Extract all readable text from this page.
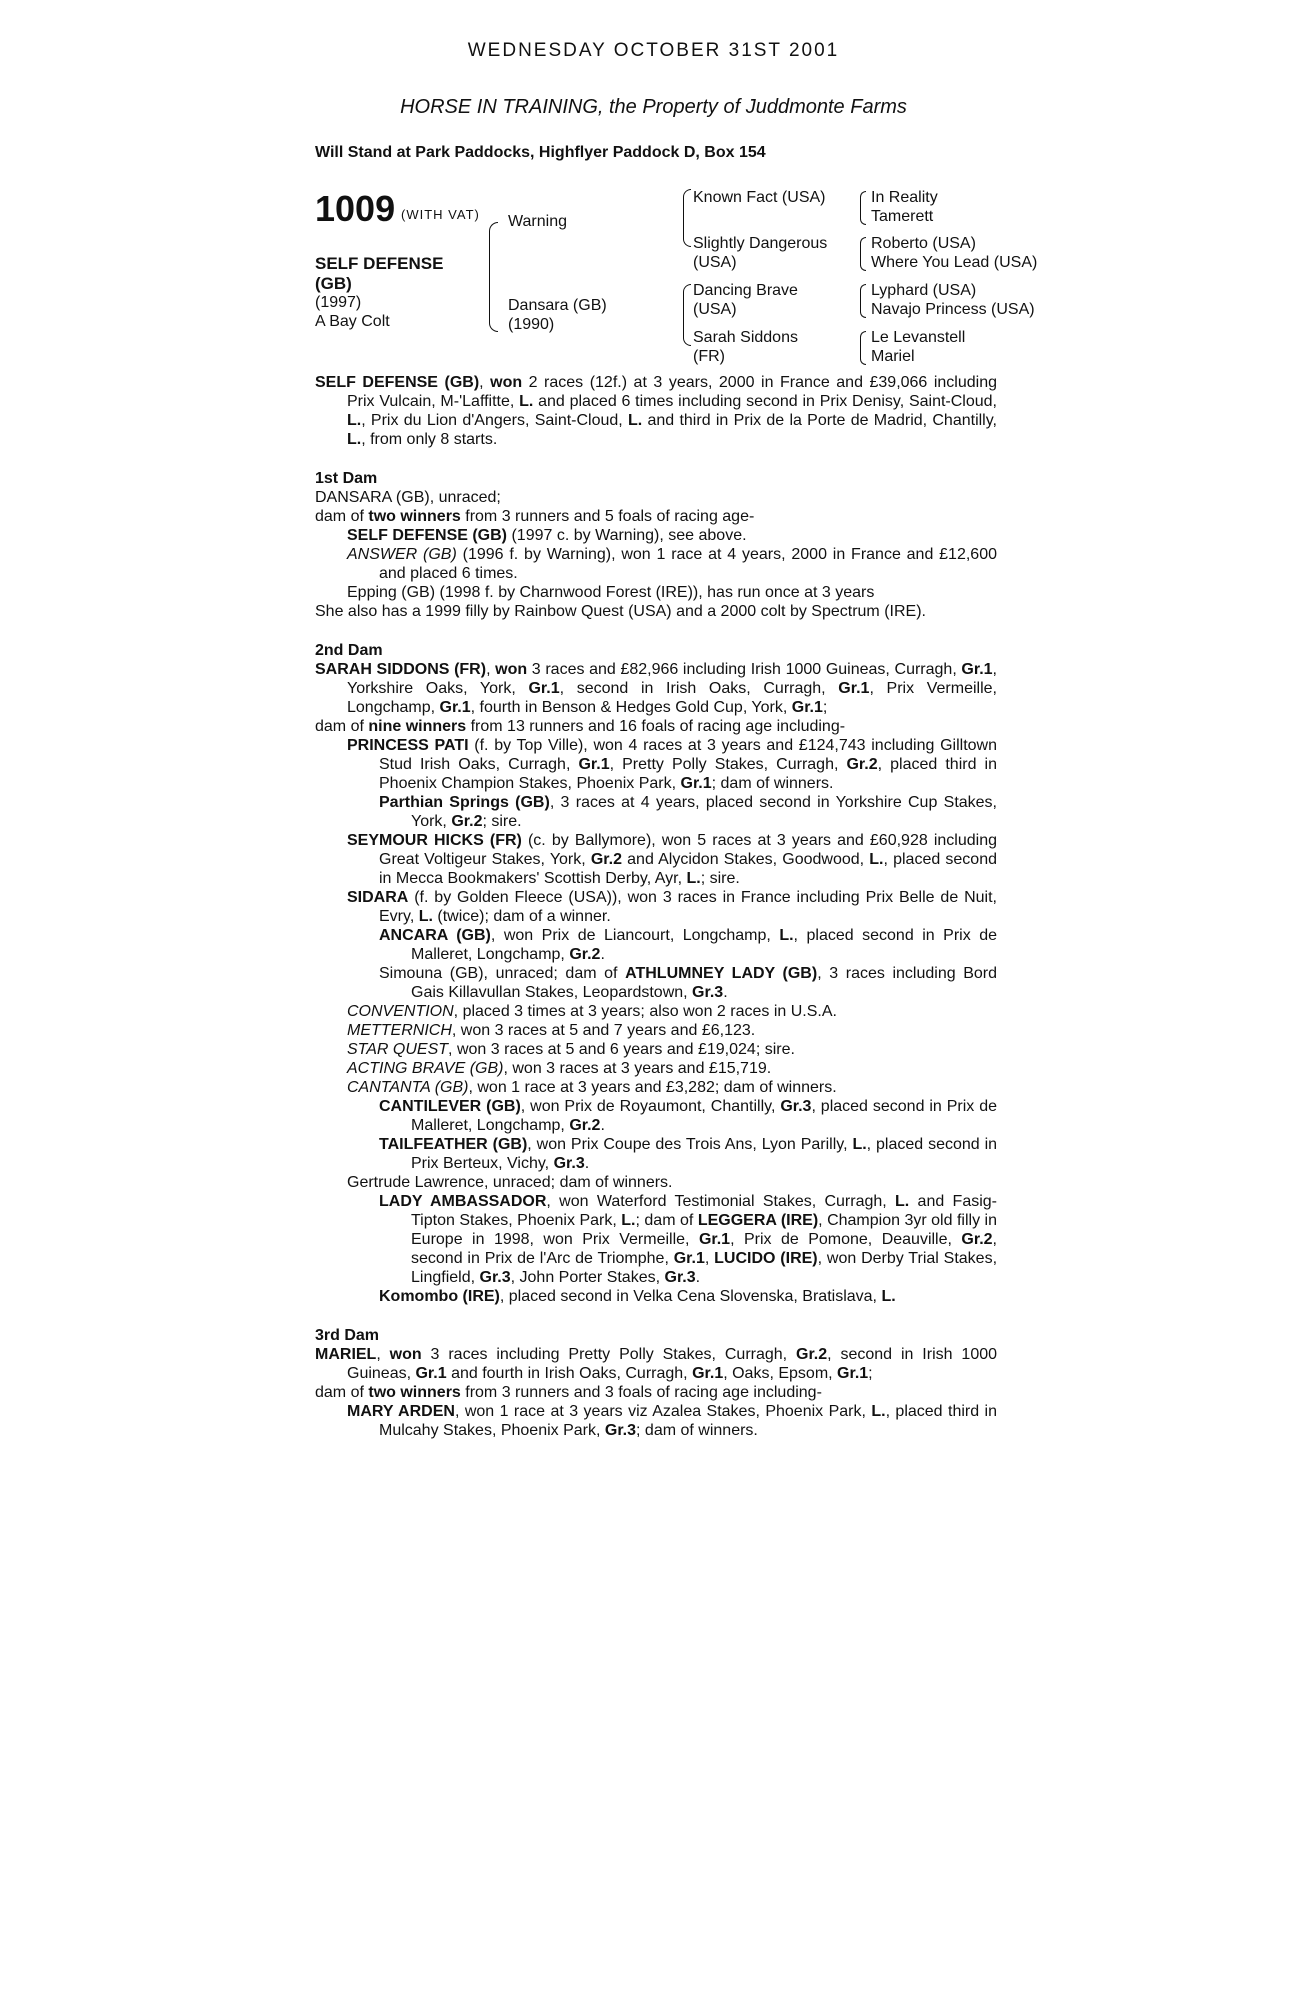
WEDNESDAY OCTOBER 31ST 2001
HORSE IN TRAINING, the Property of Juddmonte Farms
Will Stand at Park Paddocks, Highflyer Paddock D, Box 154
1009 (WITH VAT)
SELF DEFENSE (GB)
(1997)
A Bay Colt
Warning
Dansara (GB)
(1990)
Known Fact (USA)
Slightly Dangerous (USA)
Dancing Brave (USA)
Sarah Siddons (FR)
In Reality
Tamerett
Roberto (USA)
Where You Lead (USA)
Lyphard (USA)
Navajo Princess (USA)
Le Levanstell
Mariel

SELF DEFENSE (GB), won 2 races (12f.) at 3 years, 2000 in France and £39,066 including Prix Vulcain, M-'Laffitte, L. and placed 6 times including second in Prix Denisy, Saint-Cloud, L., Prix du Lion d'Angers, Saint-Cloud, L. and third in Prix de la Porte de Madrid, Chantilly, L., from only 8 starts.

1st Dam

DANSARA (GB), unraced;

dam of two winners from 3 runners and 5 foals of racing age-

SELF DEFENSE (GB) (1997 c. by Warning), see above.

ANSWER (GB) (1996 f. by Warning), won 1 race at 4 years, 2000 in France and £12,600 and placed 6 times.

Epping (GB) (1998 f. by Charnwood Forest (IRE)), has run once at 3 years

She also has a 1999 filly by Rainbow Quest (USA) and a 2000 colt by Spectrum (IRE).

2nd Dam

SARAH SIDDONS (FR), won 3 races and £82,966 including Irish 1000 Guineas, Curragh, Gr.1, Yorkshire Oaks, York, Gr.1, second in Irish Oaks, Curragh, Gr.1, Prix Vermeille, Longchamp, Gr.1, fourth in Benson & Hedges Gold Cup, York, Gr.1;

dam of nine winners from 13 runners and 16 foals of racing age including-

PRINCESS PATI (f. by Top Ville), won 4 races at 3 years and £124,743 including Gilltown Stud Irish Oaks, Curragh, Gr.1, Pretty Polly Stakes, Curragh, Gr.2, placed third in Phoenix Champion Stakes, Phoenix Park, Gr.1; dam of winners.

Parthian Springs (GB), 3 races at 4 years, placed second in Yorkshire Cup Stakes, York, Gr.2; sire.

SEYMOUR HICKS (FR) (c. by Ballymore), won 5 races at 3 years and £60,928 including Great Voltigeur Stakes, York, Gr.2 and Alycidon Stakes, Goodwood, L., placed second in Mecca Bookmakers' Scottish Derby, Ayr, L.; sire.

SIDARA (f. by Golden Fleece (USA)), won 3 races in France including Prix Belle de Nuit, Evry, L. (twice); dam of a winner.

ANCARA (GB), won Prix de Liancourt, Longchamp, L., placed second in Prix de Malleret, Longchamp, Gr.2.

Simouna (GB), unraced; dam of ATHLUMNEY LADY (GB), 3 races including Bord Gais Killavullan Stakes, Leopardstown, Gr.3.

CONVENTION, placed 3 times at 3 years; also won 2 races in U.S.A.

METTERNICH, won 3 races at 5 and 7 years and £6,123.

STAR QUEST, won 3 races at 5 and 6 years and £19,024; sire.

ACTING BRAVE (GB), won 3 races at 3 years and £15,719.

CANTANTA (GB), won 1 race at 3 years and £3,282; dam of winners.

CANTILEVER (GB), won Prix de Royaumont, Chantilly, Gr.3, placed second in Prix de Malleret, Longchamp, Gr.2.

TAILFEATHER (GB), won Prix Coupe des Trois Ans, Lyon Parilly, L., placed second in Prix Berteux, Vichy, Gr.3.

Gertrude Lawrence, unraced; dam of winners.

LADY AMBASSADOR, won Waterford Testimonial Stakes, Curragh, L. and Fasig-Tipton Stakes, Phoenix Park, L.; dam of LEGGERA (IRE), Champion 3yr old filly in Europe in 1998, won Prix Vermeille, Gr.1, Prix de Pomone, Deauville, Gr.2, second in Prix de l'Arc de Triomphe, Gr.1, LUCIDO (IRE), won Derby Trial Stakes, Lingfield, Gr.3, John Porter Stakes, Gr.3.

Komombo (IRE), placed second in Velka Cena Slovenska, Bratislava, L.

3rd Dam

MARIEL, won 3 races including Pretty Polly Stakes, Curragh, Gr.2, second in Irish 1000 Guineas, Gr.1 and fourth in Irish Oaks, Curragh, Gr.1, Oaks, Epsom, Gr.1;

dam of two winners from 3 runners and 3 foals of racing age including-

MARY ARDEN, won 1 race at 3 years viz Azalea Stakes, Phoenix Park, L., placed third in Mulcahy Stakes, Phoenix Park, Gr.3; dam of winners.
